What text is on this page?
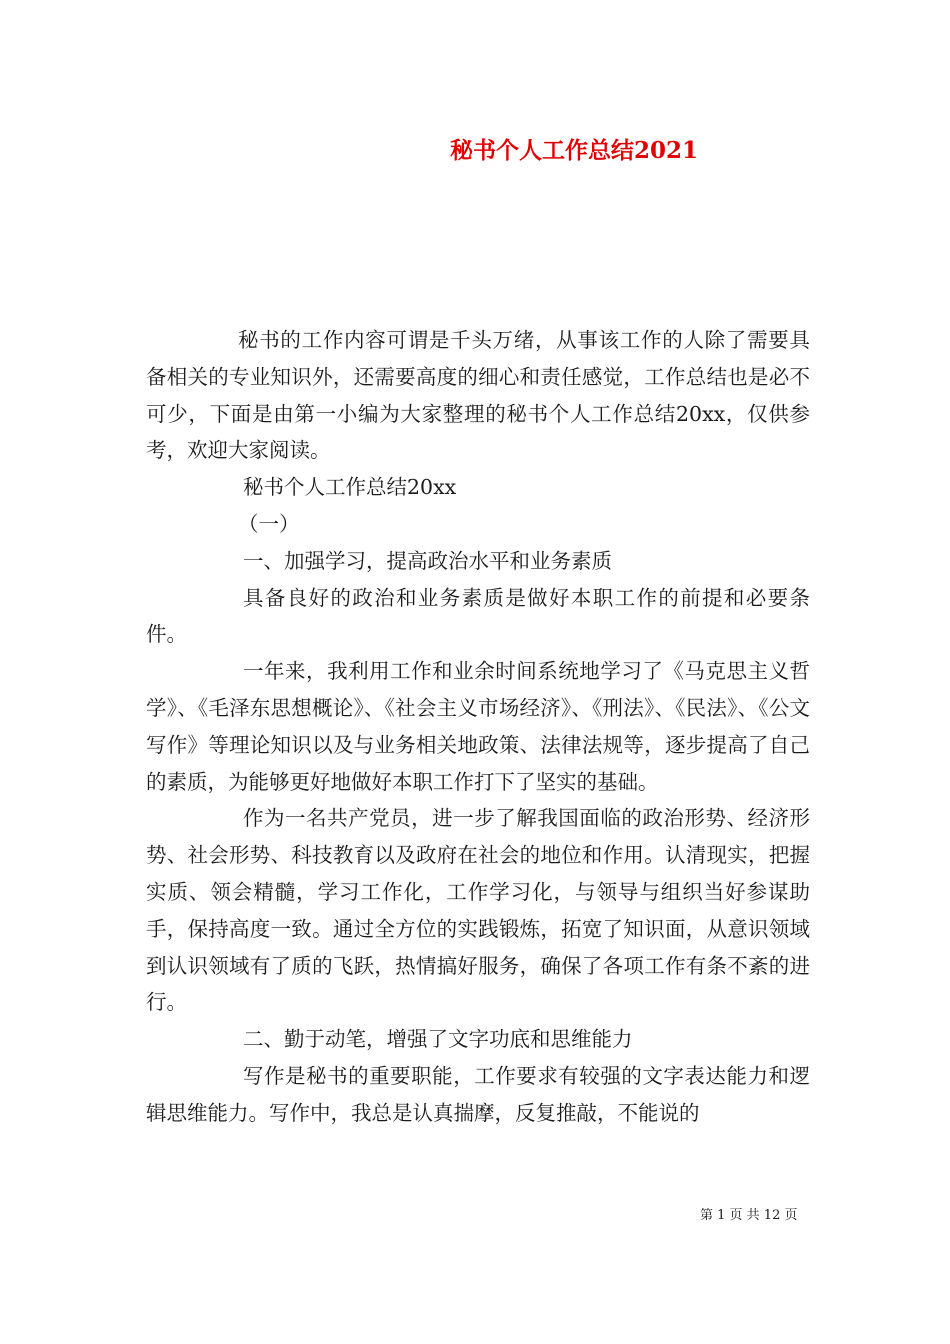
秘书个人工作总结2021

秘书的工作内容可谓是千头万绪，从事该工作的人除了需要具备相关的专业知识外，还需要高度的细心和责任感觉，工作总结也是必不可少，下面是由第一小编为大家整理的秘书个人工作总结20xx，仅供参考，欢迎大家阅读。

秘书个人工作总结20xx

（一）

一、加强学习，提高政治水平和业务素质

具备良好的政治和业务素质是做好本职工作的前提和必要条件。

一年来，我利用工作和业余时间系统地学习了《马克思主义哲学》、《毛泽东思想概论》、《社会主义市场经济》、《刑法》、《民法》、《公文写作》等理论知识以及与业务相关地政策、法律法规等，逐步提高了自己的素质，为能够更好地做好本职工作打下了坚实的基础。

作为一名共产党员，进一步了解我国面临的政治形势、经济形势、社会形势、科技教育以及政府在社会的地位和作用。认清现实，把握实质、领会精髓，学习工作化，工作学习化，与领导与组织当好参谋助手，保持高度一致。通过全方位的实践锻炼，拓宽了知识面，从意识领域到认识领域有了质的飞跃，热情搞好服务，确保了各项工作有条不紊的进行。

二、勤于动笔，增强了文字功底和思维能力

写作是秘书的重要职能，工作要求有较强的文字表达能力和逻辑思维能力。写作中，我总是认真揣摩，反复推敲，不能说的

第 1 页 共 12 页
